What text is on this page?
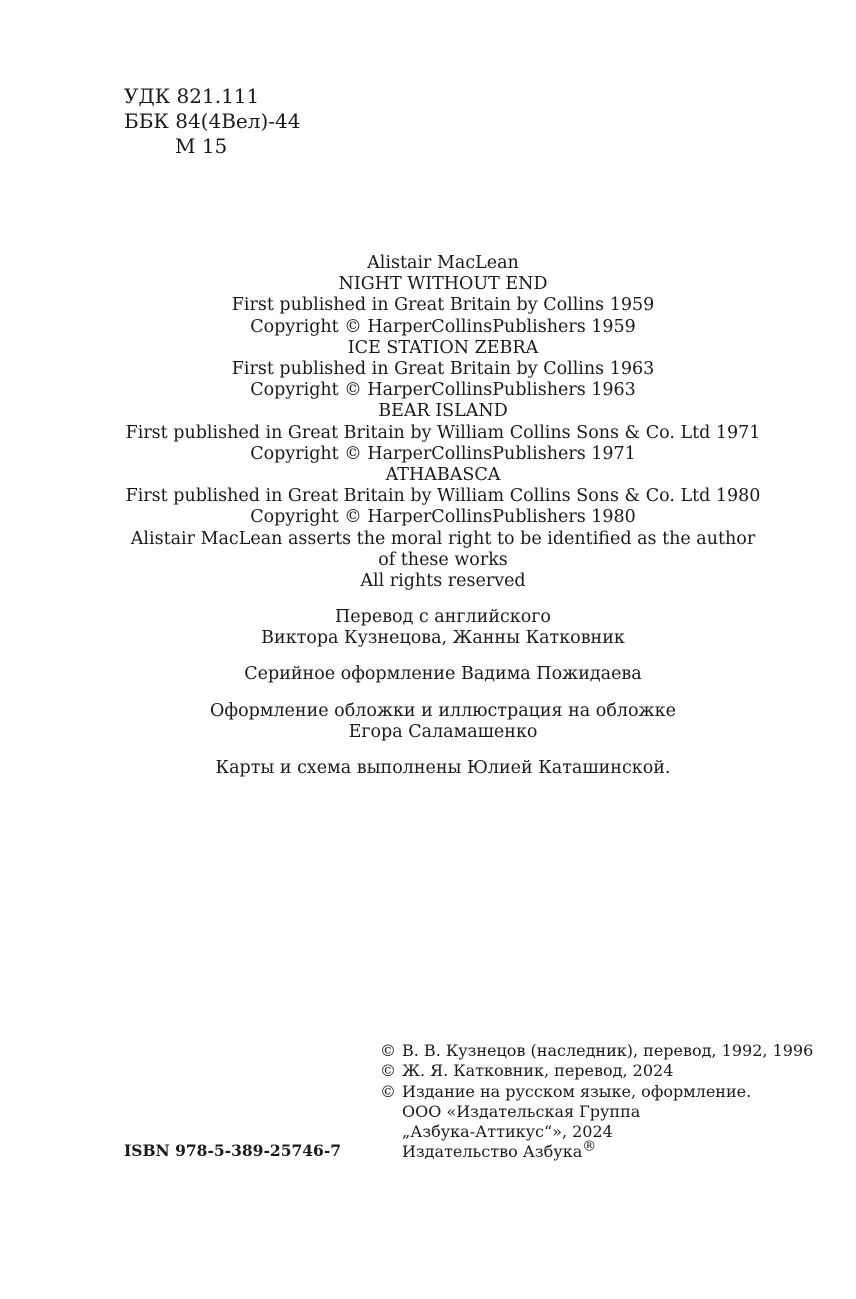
УДК 821.111
ББК 84(4Вел)-44
М 15
Alistair MacLean
NIGHT WITHOUT END
First published in Great Britain by Collins 1959
Copyright © HarperCollinsPublishers 1959
ICE STATION ZEBRA
First published in Great Britain by Collins 1963
Copyright © HarperCollinsPublishers 1963
BEAR ISLAND
First published in Great Britain by William Collins Sons & Co. Ltd 1971
Copyright © HarperCollinsPublishers 1971
ATHABASCA
First published in Great Britain by William Collins Sons & Co. Ltd 1980
Copyright © HarperCollinsPublishers 1980
Alistair MacLean asserts the moral right to be identified as the author
of these works
All rights reserved
Перевод с английского
Виктора Кузнецова, Жанны Катковник
Серийное оформление Вадима Пожидаева
Оформление обложки и иллюстрация на обложке
Егора Саламашенко
Карты и схема выполнены Юлией Каташинской.
© В. В. Кузнецов (наследник), перевод, 1992, 1996
© Ж. Я. Катковник, перевод, 2024
© Издание на русском языке, оформление.
ООО «Издательская Группа
„Азбука-Аттикус“», 2024
Издательство Азбука®
ISBN 978-5-389-25746-7
